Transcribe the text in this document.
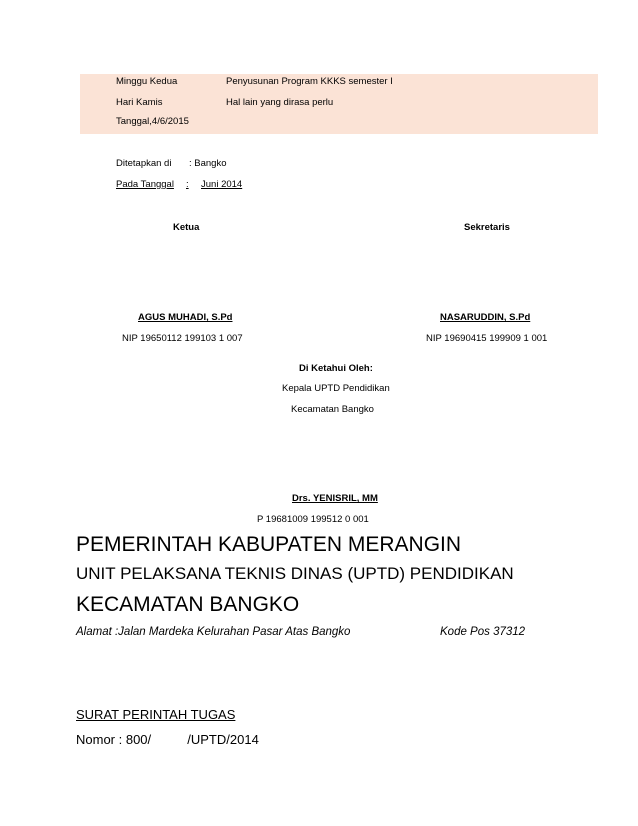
Minggu Kedua	Penyusunan Program KKKS semester I
Hari Kamis	Hal lain yang dirasa perlu
Tanggal,4/6/2015
Ditetapkan di : Bangko
Pada Tanggal : Juni 2014
Ketua	Sekretaris
AGUS MUHADI, S.Pd
NIP 19650112 199103 1 007
NASARUDDIN, S.Pd
NIP 19690415 199909 1 001
Di Ketahui Oleh:
Kepala UPTD Pendidikan
Kecamatan Bangko
Drs. YENISRIL, MM
P 19681009 199512 0 001
PEMERINTAH KABUPATEN MERANGIN
UNIT PELAKSANA TEKNIS DINAS (UPTD) PENDIDIKAN
KECAMATAN BANGKO
Alamat :Jalan Mardeka Kelurahan Pasar Atas Bangko	Kode Pos 37312
SURAT PERINTAH TUGAS
Nomor : 800/          /UPTD/2014
